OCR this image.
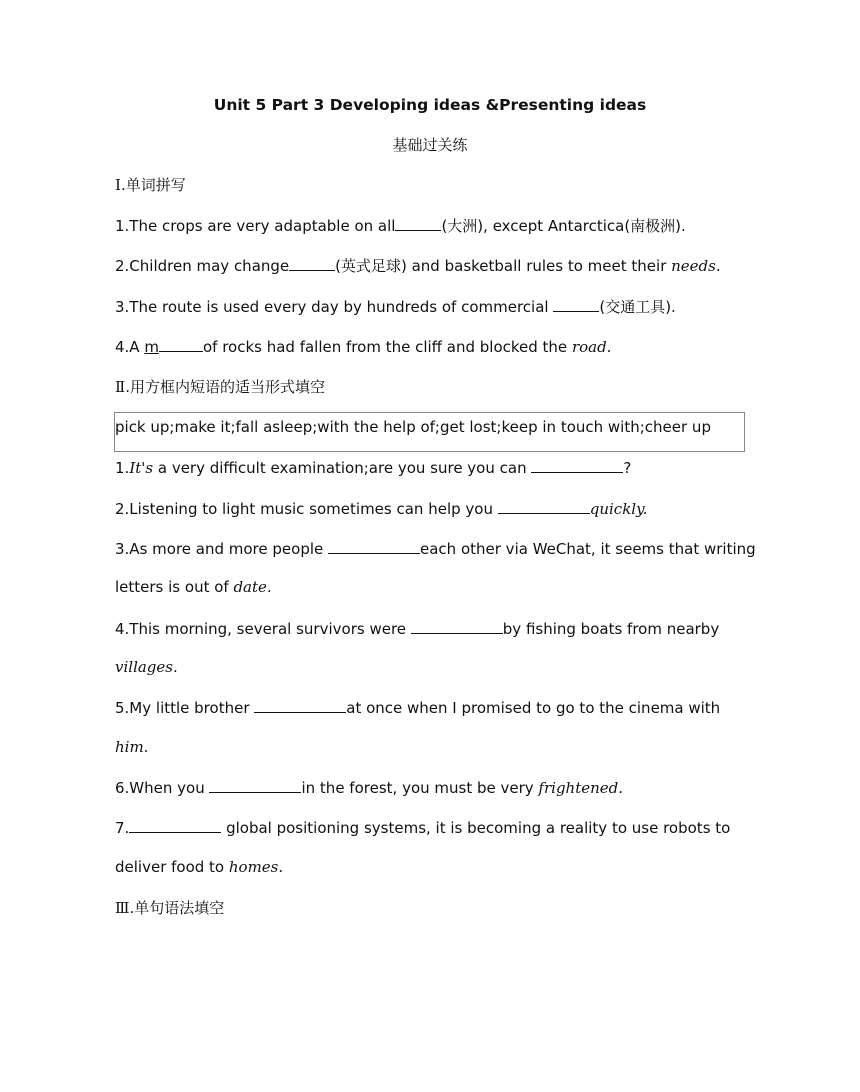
Unit 5 Part 3 Developing ideas &Presenting ideas
基础过关练
Ⅰ.单词拼写
1.The crops are very adaptable on all	(大洲), except Antarctica(南极洲).
2.Children may change	(英式足球) and basketball rules to meet their needs.
3.The route is used every day by hundreds of commercial	(交通工具).
4.A m	of rocks had fallen from the cliff and blocked the road.
Ⅱ.用方框内短语的适当形式填空
pick up;make it;fall asleep;with the help of;get lost;keep in touch with;cheer up
1.It's a very difficult examination;are you sure you can	?
2.Listening to light music sometimes can help you	quickly.
3.As more and more people	each other via WeChat, it seems that writing
letters is out of date.
4.This morning, several survivors were	by fishing boats from nearby
villages.
5.My little brother	at once when I promised to go to the cinema with
him.
6.When you	in the forest, you must be very frightened.
7.	global positioning systems, it is becoming a reality to use robots to
deliver food to homes.
Ⅲ.单句语法填空
